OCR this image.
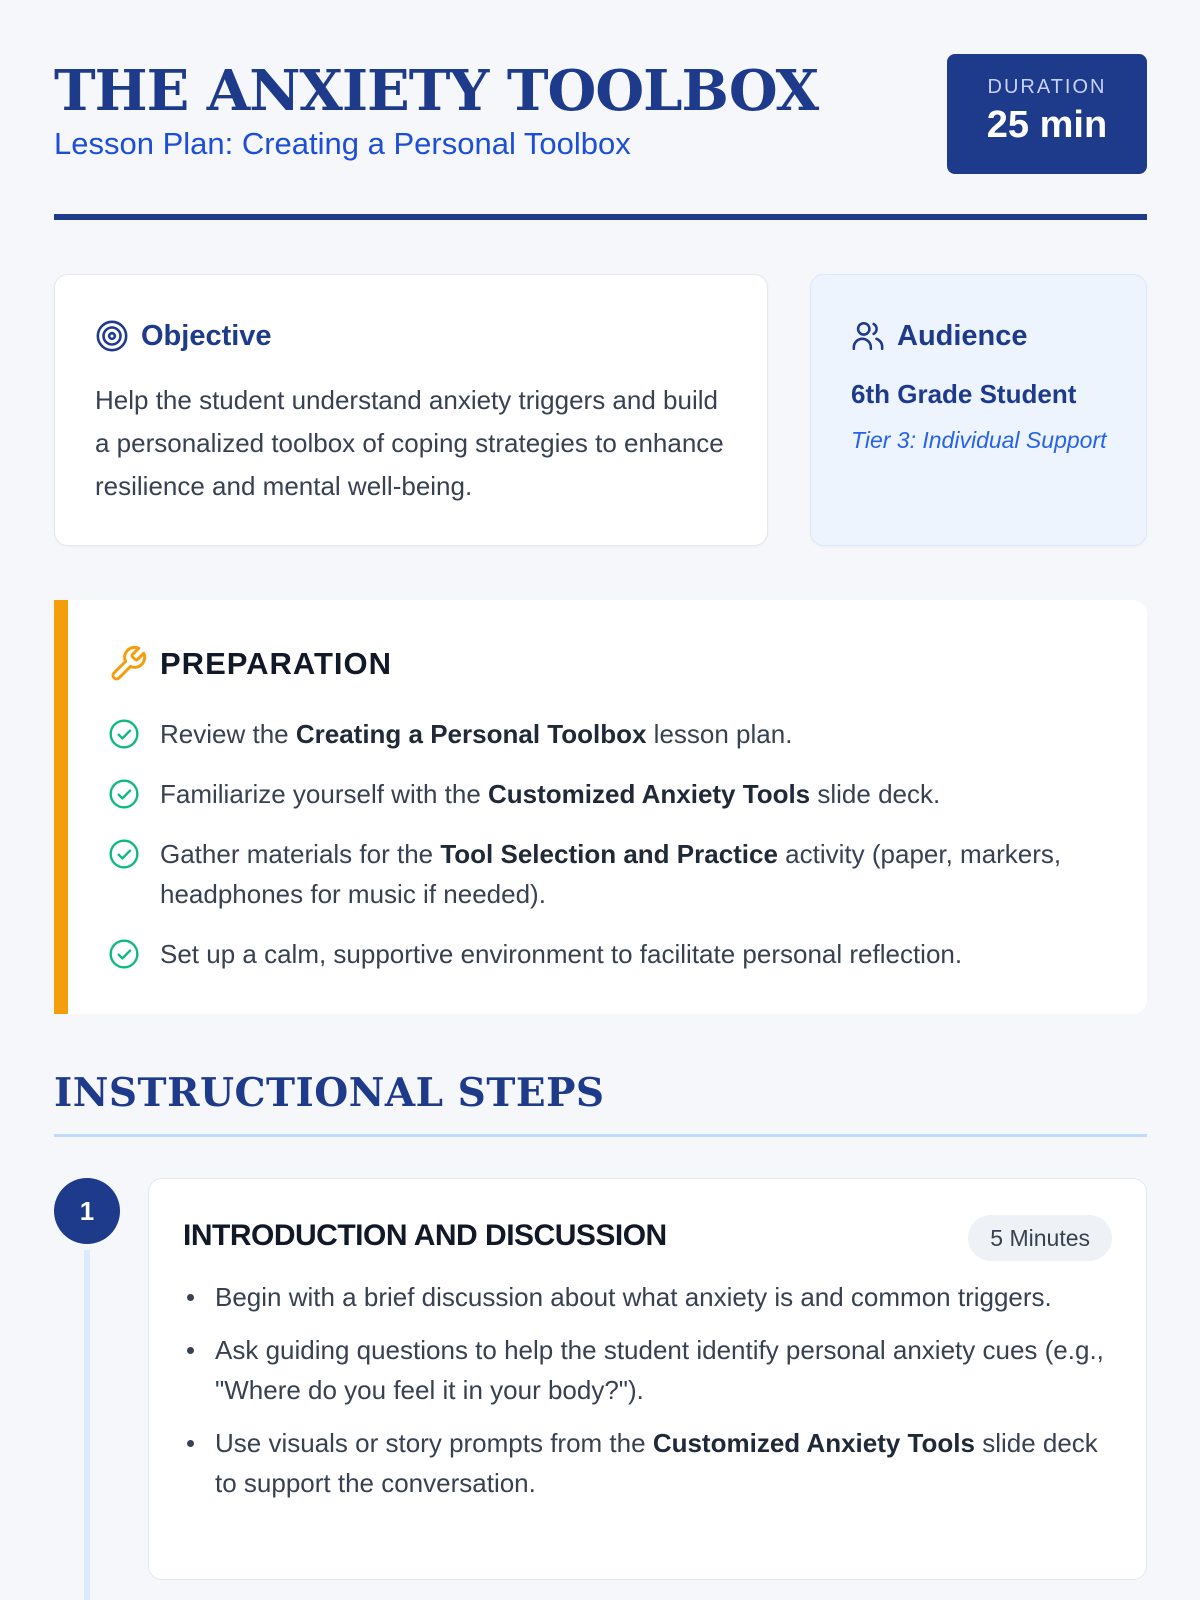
THE ANXIETY TOOLBOX
Lesson Plan: Creating a Personal Toolbox
DURATION
25 min
Objective
Help the student understand anxiety triggers and build a personalized toolbox of coping strategies to enhance resilience and mental well-being.
Audience
6th Grade Student
Tier 3: Individual Support
PREPARATION
Review the Creating a Personal Toolbox lesson plan.
Familiarize yourself with the Customized Anxiety Tools slide deck.
Gather materials for the Tool Selection and Practice activity (paper, markers, headphones for music if needed).
Set up a calm, supportive environment to facilitate personal reflection.
INSTRUCTIONAL STEPS
1
INTRODUCTION AND DISCUSSION	5 Minutes
Begin with a brief discussion about what anxiety is and common triggers.
Ask guiding questions to help the student identify personal anxiety cues (e.g., "Where do you feel it in your body?").
Use visuals or story prompts from the Customized Anxiety Tools slide deck to support the conversation.
